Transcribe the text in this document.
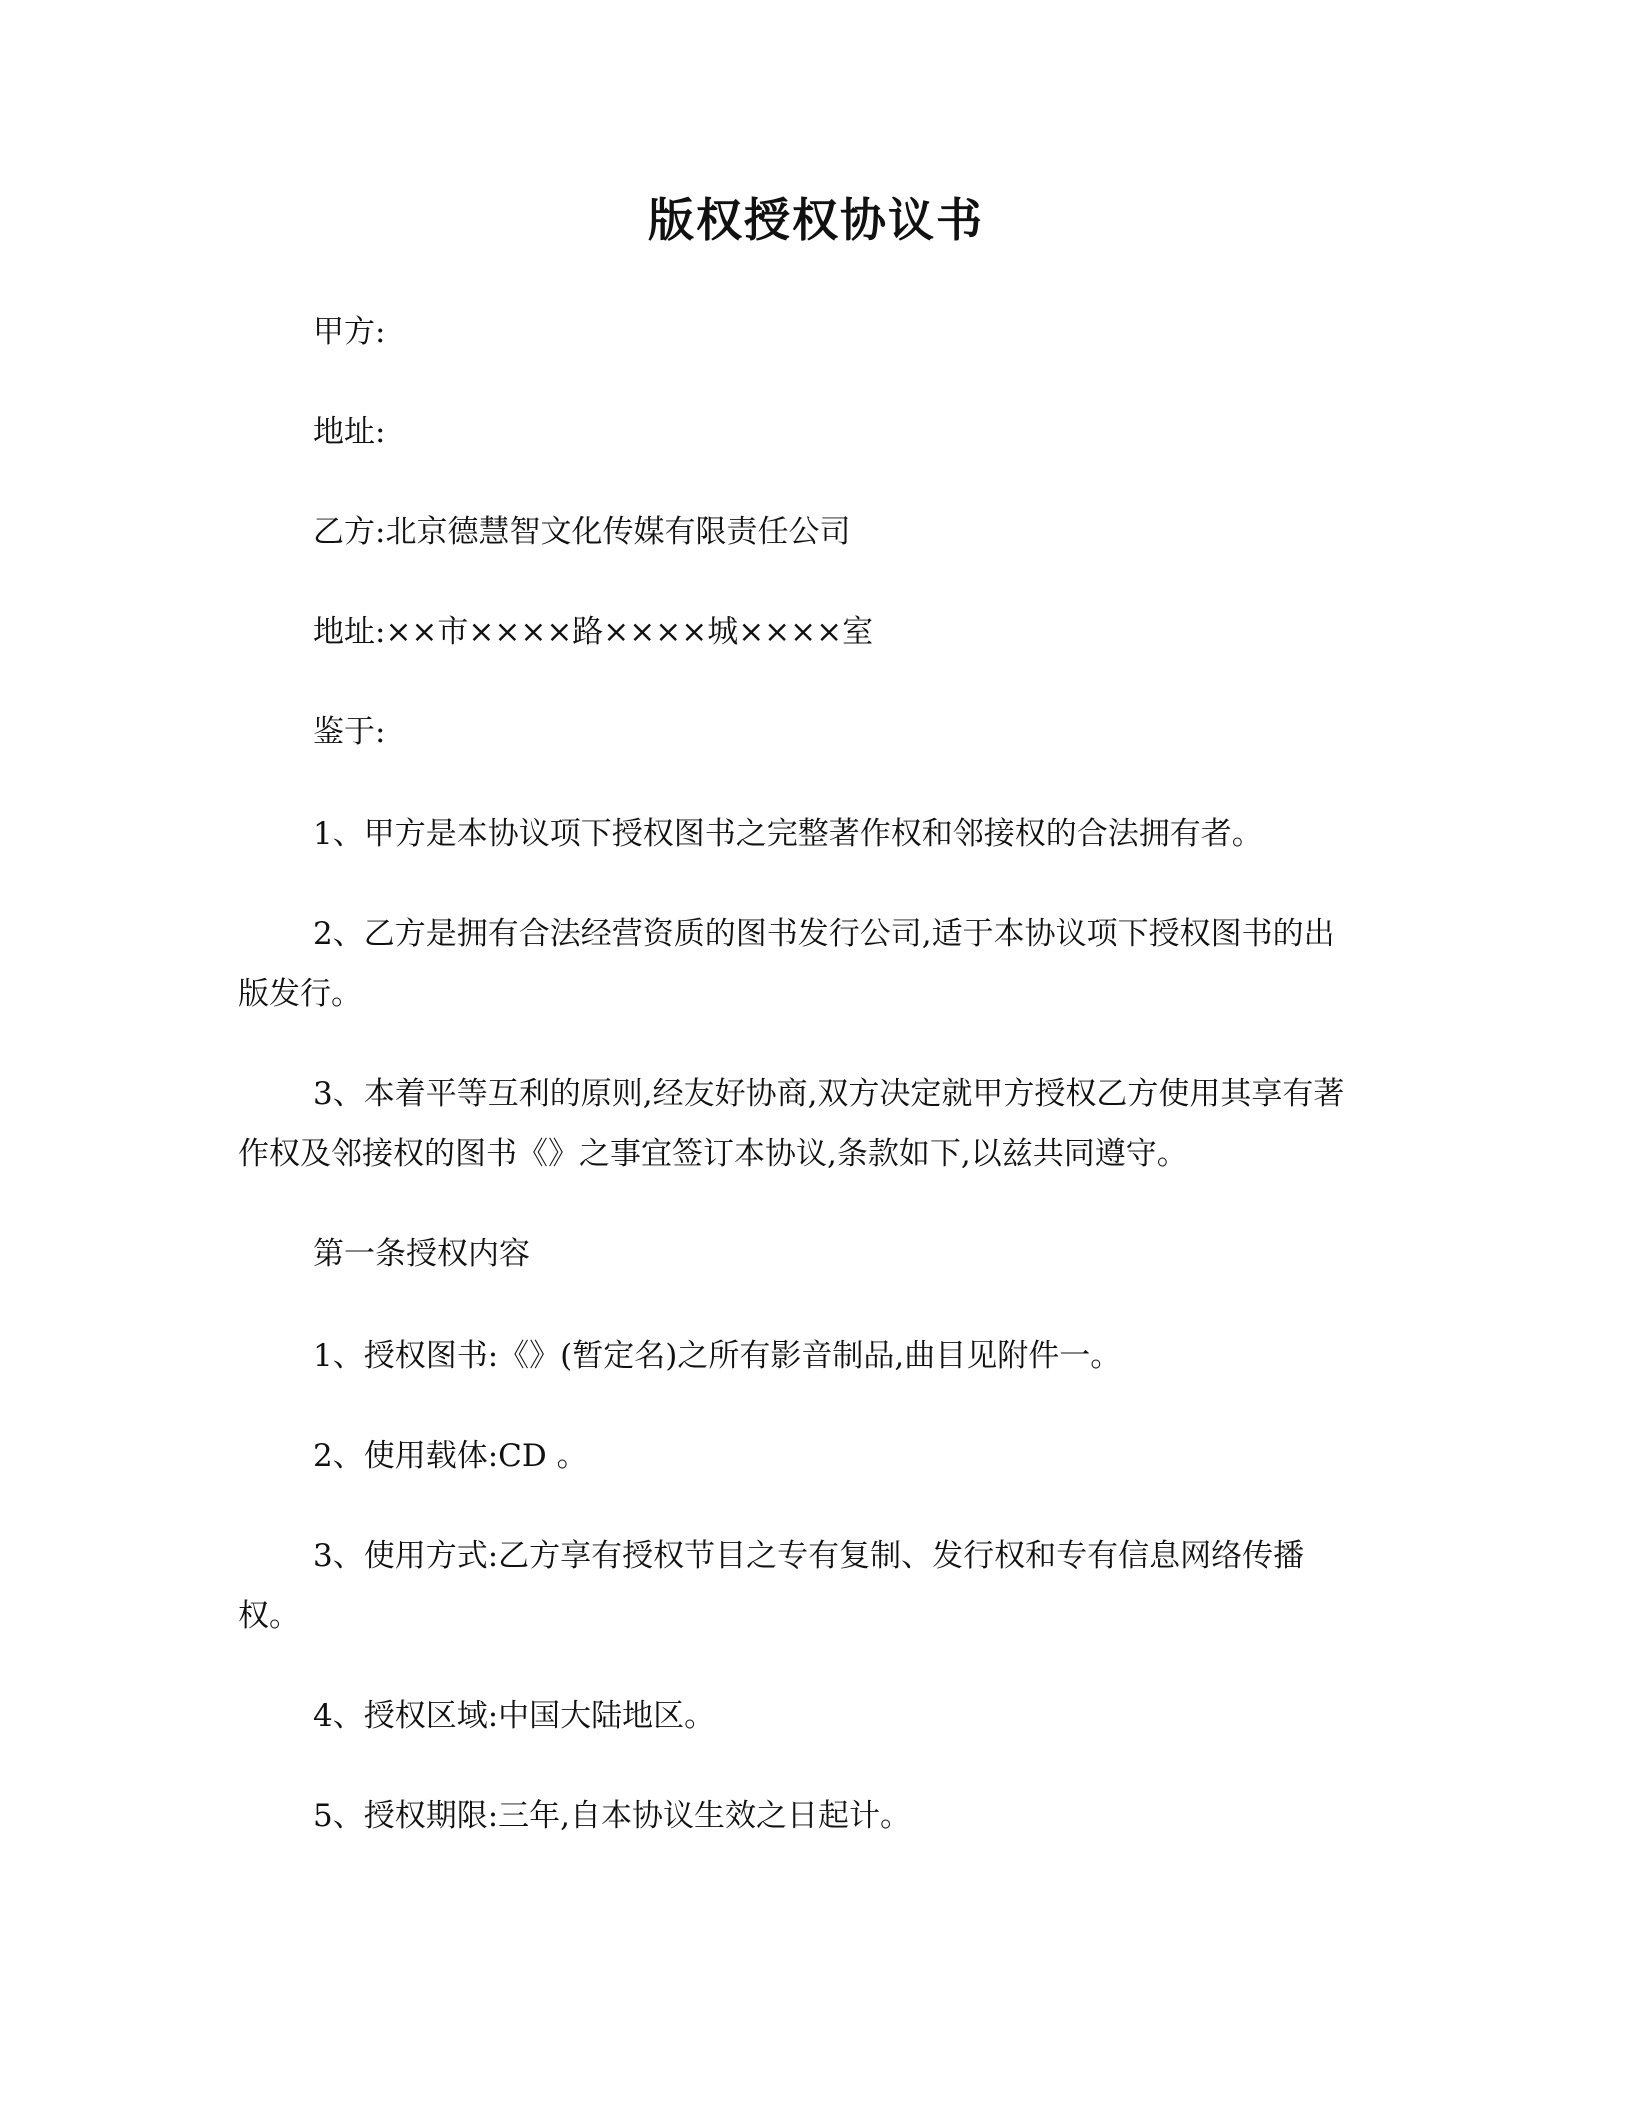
版权授权协议书
甲方:
地址:
乙方:北京德慧智文化传媒有限责任公司
地址:××市××××路××××城××××室
鉴于:
1、甲方是本协议项下授权图书之完整著作权和邻接权的合法拥有者。
2、乙方是拥有合法经营资质的图书发行公司,适于本协议项下授权图书的出
版发行。
3、本着平等互利的原则,经友好协商,双方决定就甲方授权乙方使用其享有著
作权及邻接权的图书《》之事宜签订本协议,条款如下,以兹共同遵守。
第一条授权内容
1、授权图书:《》(暂定名)之所有影音制品,曲目见附件一。
2、使用载体:CD 。
3、使用方式:乙方享有授权节目之专有复制、发行权和专有信息网络传播
权。
4、授权区域:中国大陆地区。
5、授权期限:三年,自本协议生效之日起计。
